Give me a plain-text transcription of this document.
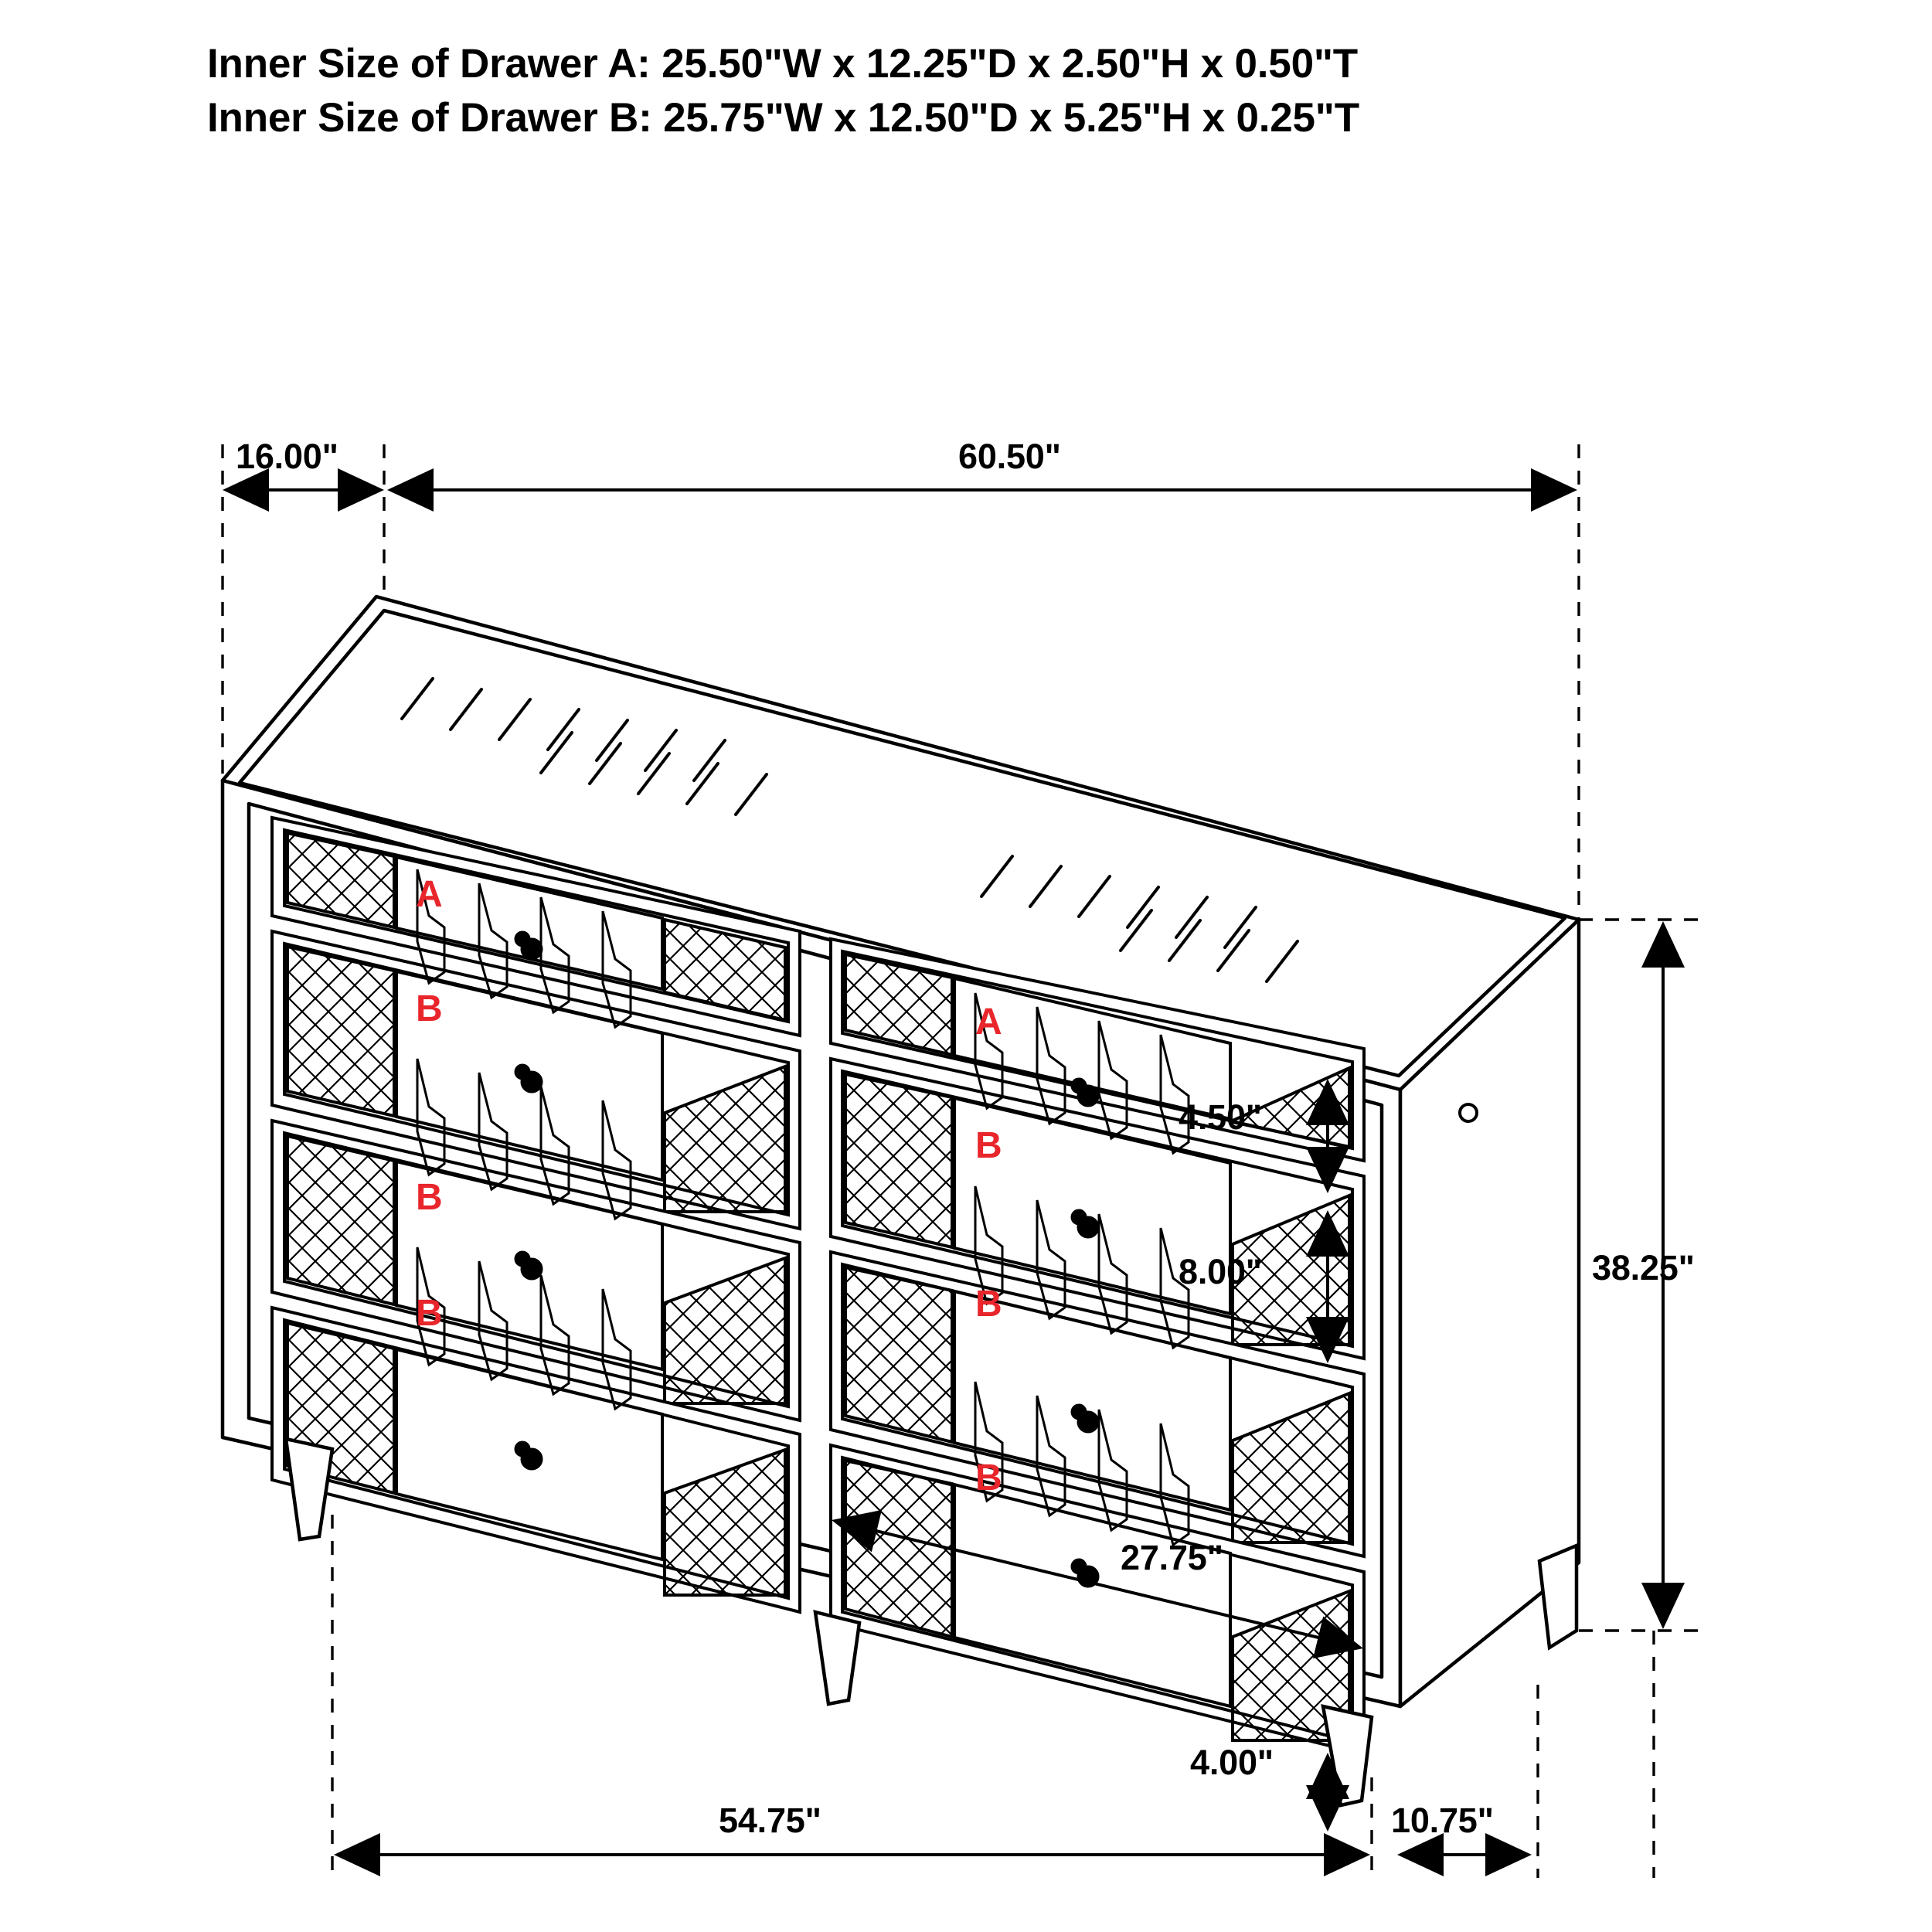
Inner Size of Drawer A: 25.50"W x 12.25"D x 2.50"H x 0.50"T
Inner Size of Drawer B: 25.75"W x 12.50"D x 5.25"H x 0.25"T
16.00"	60.50"
4.50"
8.00"
27.75"
38.25"
4.00"
54.75"	10.75"
A
B
B
B
A
B
B
B
